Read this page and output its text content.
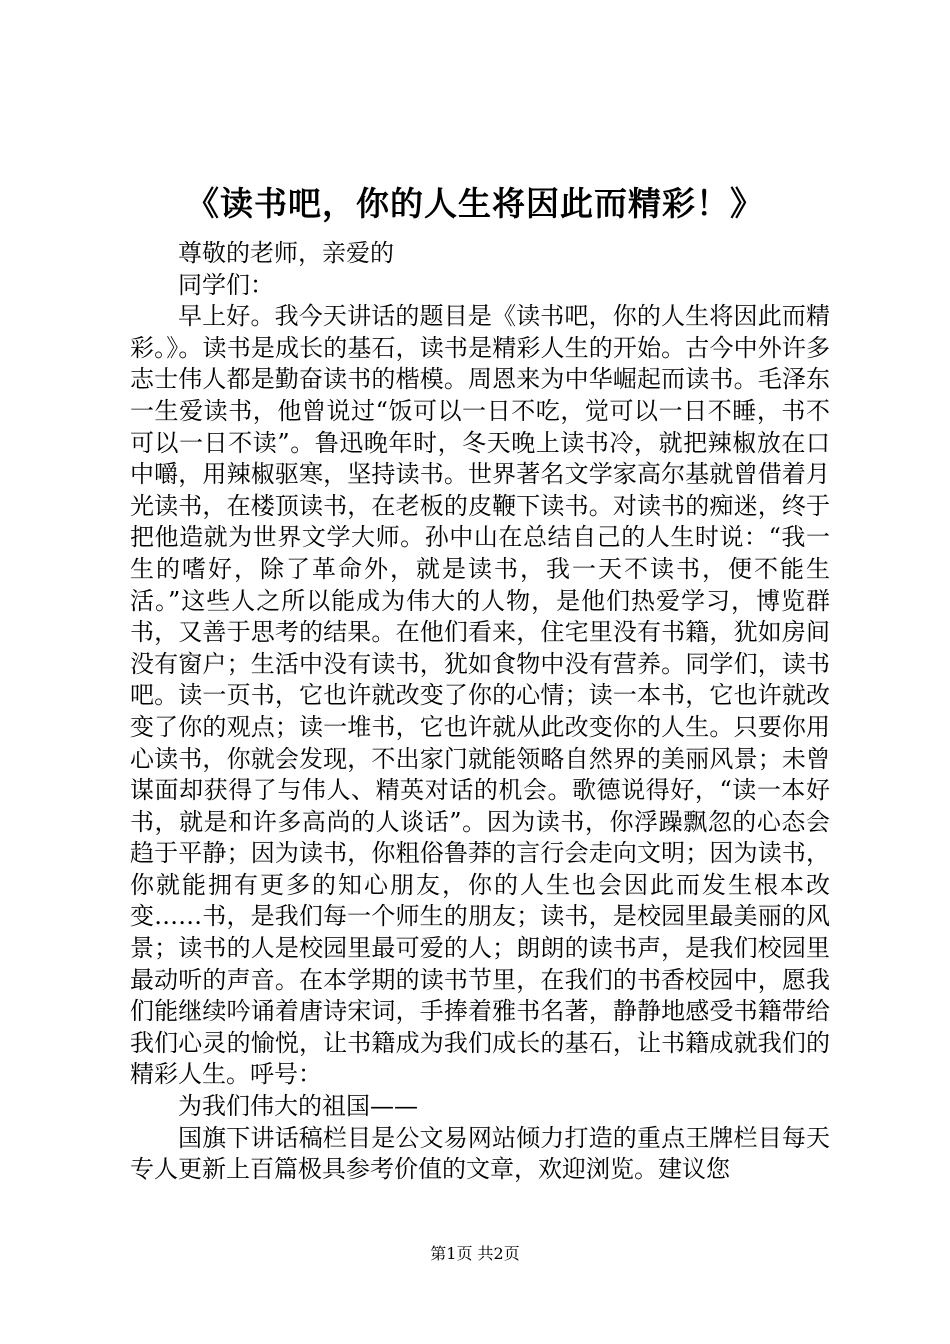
《读书吧，你的人生将因此而精彩！》

尊敬的老师，亲爱的

同学们：

早上好。我今天讲话的题目是《读书吧，你的人生将因此而精彩。》。读书是成长的基石，读书是精彩人生的开始。古今中外许多志士伟人都是勤奋读书的楷模。周恩来为中华崛起而读书。毛泽东一生爱读书，他曾说过“饭可以一日不吃，觉可以一日不睡，书不可以一日不读”。鲁迅晚年时，冬天晚上读书冷，就把辣椒放在口中嚼，用辣椒驱寒，坚持读书。世界著名文学家高尔基就曾借着月光读书，在楼顶读书，在老板的皮鞭下读书。对读书的痴迷，终于把他造就为世界文学大师。孙中山在总结自己的人生时说：“我一生的嗜好，除了革命外，就是读书，我一天不读书，便不能生活。”这些人之所以能成为伟大的人物，是他们热爱学习，博览群书，又善于思考的结果。在他们看来，住宅里没有书籍，犹如房间没有窗户；生活中没有读书，犹如食物中没有营养。同学们，读书吧。读一页书，它也许就改变了你的心情；读一本书，它也许就改变了你的观点；读一堆书，它也许就从此改变你的人生。只要你用心读书，你就会发现，不出家门就能领略自然界的美丽风景；未曾谋面却获得了与伟人、精英对话的机会。歌德说得好，“读一本好书，就是和许多高尚的人谈话”。因为读书，你浮躁飘忽的心态会趋于平静；因为读书，你粗俗鲁莽的言行会走向文明；因为读书，你就能拥有更多的知心朋友，你的人生也会因此而发生根本改变……书，是我们每一个师生的朋友；读书，是校园里最美丽的风景；读书的人是校园里最可爱的人；朗朗的读书声，是我们校园里最动听的声音。在本学期的读书节里，在我们的书香校园中，愿我们能继续吟诵着唐诗宋词，手捧着雅书名著，静静地感受书籍带给我们心灵的愉悦，让书籍成为我们成长的基石，让书籍成就我们的精彩人生。呼号：

为我们伟大的祖国——

国旗下讲话稿栏目是公文易网站倾力打造的重点王牌栏目每天专人更新上百篇极具参考价值的文章，欢迎浏览。建议您

第1页 共2页
